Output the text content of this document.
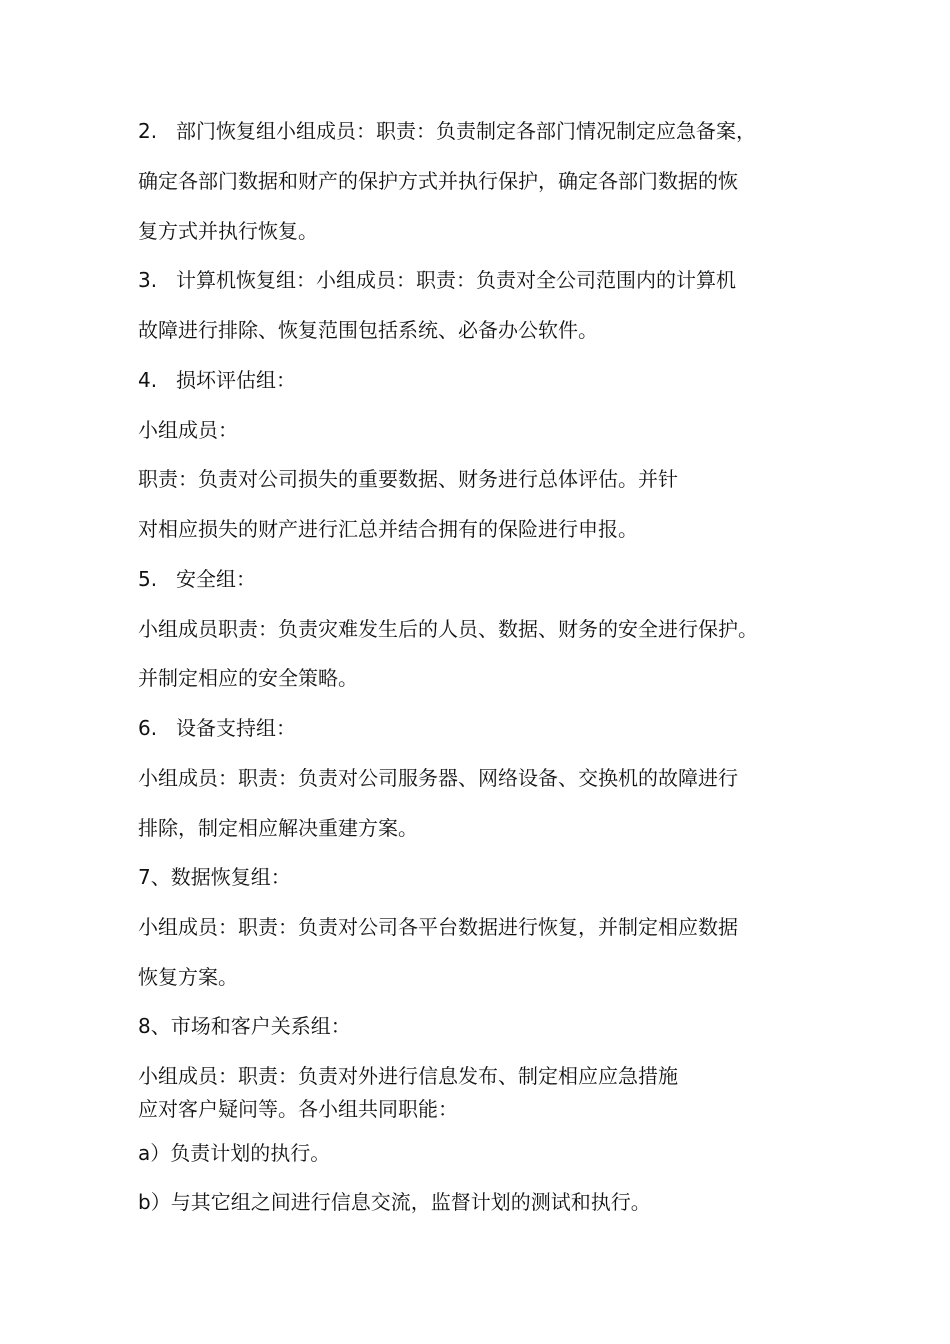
2. 部门恢复组小组成员：职责：负责制定各部门情况制定应急备案，
确定各部门数据和财产的保护方式并执行保护，确定各部门数据的恢
复方式并执行恢复。
3. 计算机恢复组：小组成员：职责：负责对全公司范围内的计算机
故障进行排除、恢复范围包括系统、必备办公软件。
4. 损坏评估组：
小组成员：
职责：负责对公司损失的重要数据、财务进行总体评估。并针
对相应损失的财产进行汇总并结合拥有的保险进行申报。
5. 安全组：
小组成员职责：负责灾难发生后的人员、数据、财务的安全进行保护。
并制定相应的安全策略。
6. 设备支持组：
小组成员：职责：负责对公司服务器、网络设备、交换机的故障进行
排除，制定相应解决重建方案。
7、数据恢复组：
小组成员：职责：负责对公司各平台数据进行恢复，并制定相应数据
恢复方案。
8、市场和客户关系组：
小组成员：职责：负责对外进行信息发布、制定相应应急措施
应对客户疑问等。各小组共同职能：
a）负责计划的执行。
b）与其它组之间进行信息交流，监督计划的测试和执行。
